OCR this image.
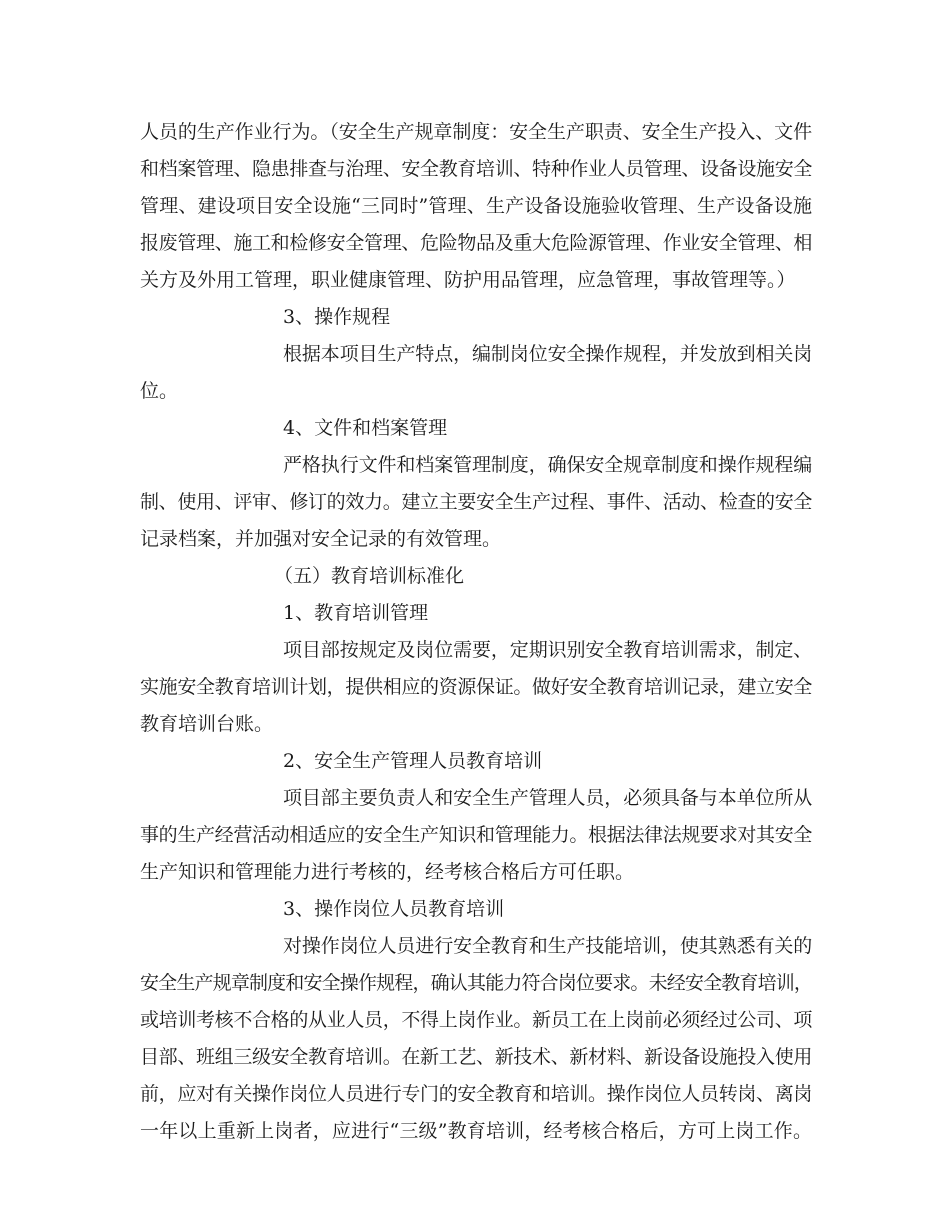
人员的生产作业行为。（安全生产规章制度：安全生产职责、安全生产投入、文件
和档案管理、隐患排查与治理、安全教育培训、特种作业人员管理、设备设施安全
管理、建设项目安全设施“三同时”管理、生产设备设施验收管理、生产设备设施
报废管理、施工和检修安全管理、危险物品及重大危险源管理、作业安全管理、相
关方及外用工管理，职业健康管理、防护用品管理，应急管理，事故管理等。）
3、操作规程
根据本项目生产特点，编制岗位安全操作规程，并发放到相关岗
位。
4、文件和档案管理
严格执行文件和档案管理制度，确保安全规章制度和操作规程编
制、使用、评审、修订的效力。建立主要安全生产过程、事件、活动、检查的安全
记录档案，并加强对安全记录的有效管理。
（五）教育培训标准化
1、教育培训管理
项目部按规定及岗位需要，定期识别安全教育培训需求，制定、
实施安全教育培训计划，提供相应的资源保证。做好安全教育培训记录，建立安全
教育培训台账。
2、安全生产管理人员教育培训
项目部主要负责人和安全生产管理人员，必须具备与本单位所从
事的生产经营活动相适应的安全生产知识和管理能力。根据法律法规要求对其安全
生产知识和管理能力进行考核的，经考核合格后方可任职。
3、操作岗位人员教育培训
对操作岗位人员进行安全教育和生产技能培训，使其熟悉有关的
安全生产规章制度和安全操作规程，确认其能力符合岗位要求。未经安全教育培训，
或培训考核不合格的从业人员，不得上岗作业。新员工在上岗前必须经过公司、项
目部、班组三级安全教育培训。在新工艺、新技术、新材料、新设备设施投入使用
前，应对有关操作岗位人员进行专门的安全教育和培训。操作岗位人员转岗、离岗
一年以上重新上岗者，应进行“三级”教育培训，经考核合格后，方可上岗工作。
